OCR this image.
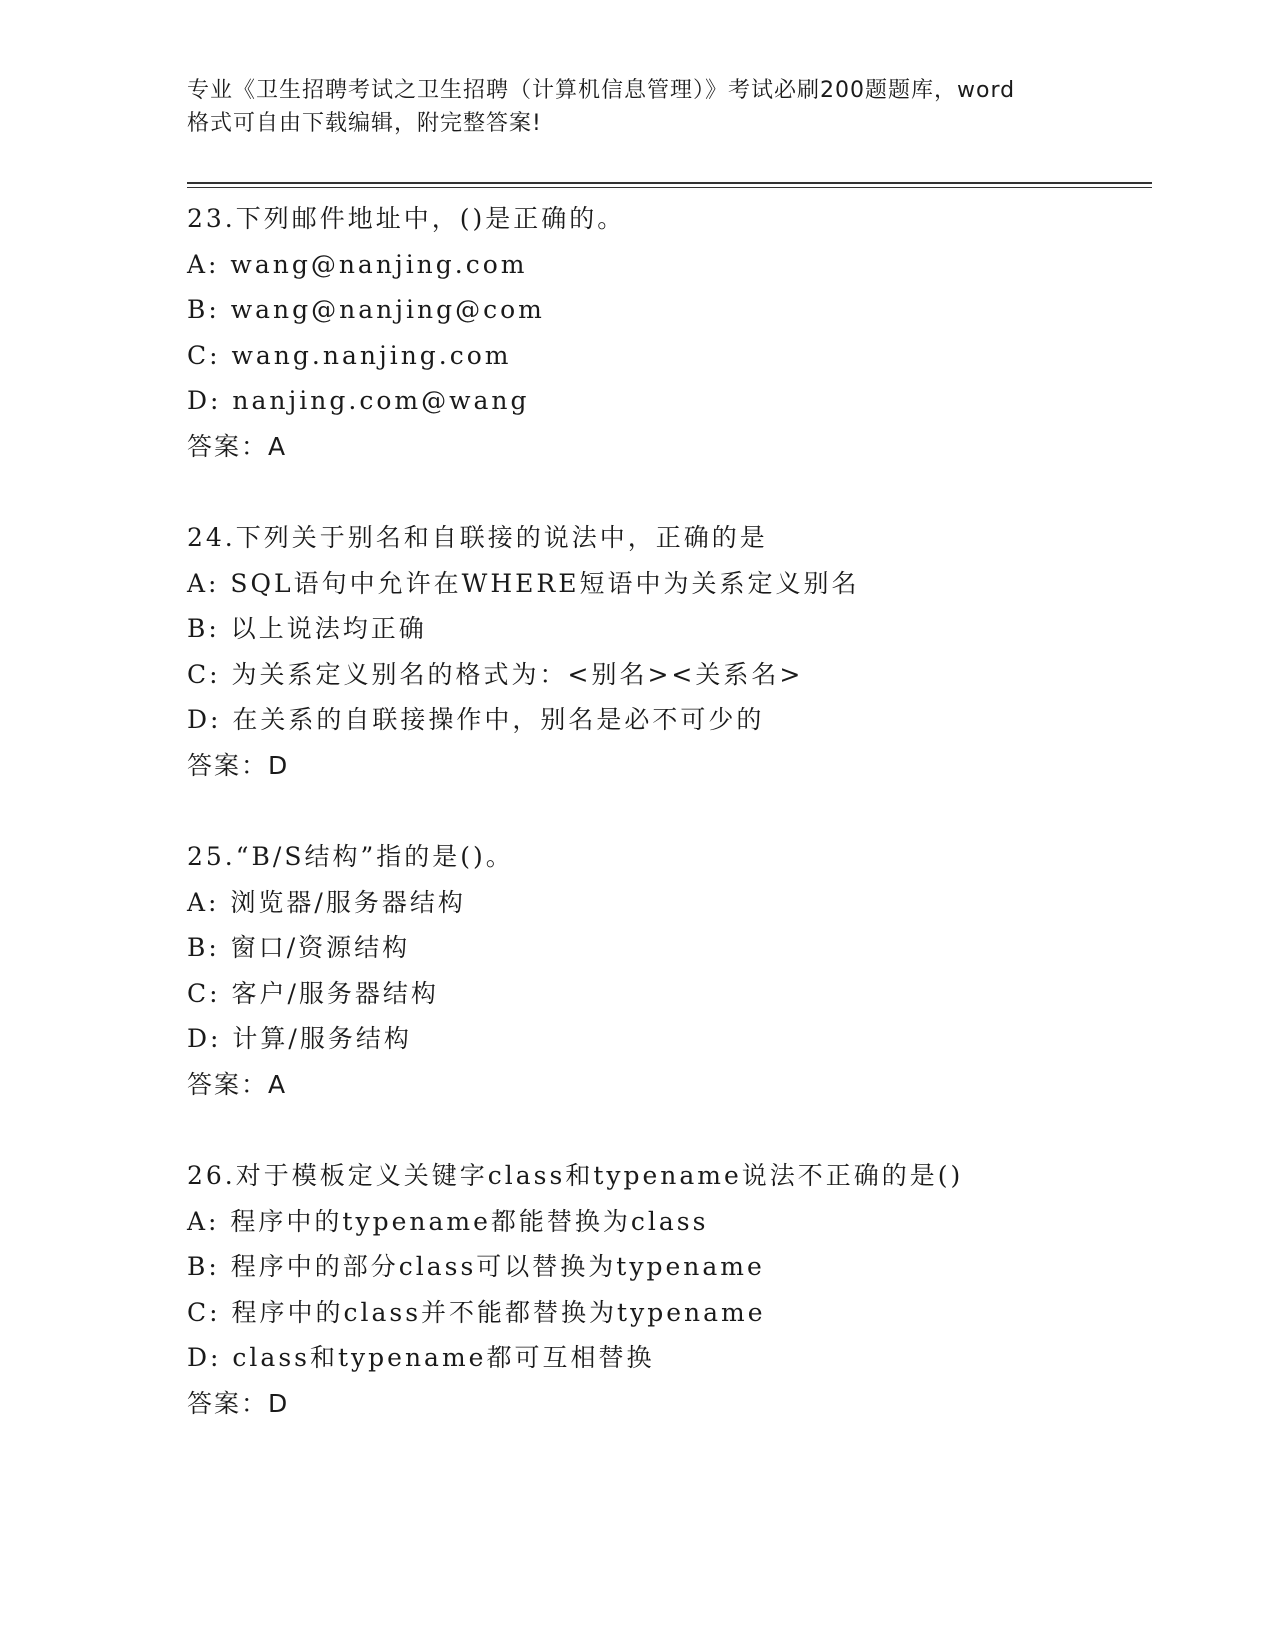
专业《卫生招聘考试之卫生招聘（计算机信息管理）》考试必刷200题题库，word
格式可自由下载编辑，附完整答案!
23.下列邮件地址中，()是正确的。
A: wang@nanjing.com
B: wang@nanjing@com
C: wang.nanjing.com
D: nanjing.com@wang
答案：A
24.下列关于别名和自联接的说法中，正确的是
A: SQL语句中允许在WHERE短语中为关系定义别名
B: 以上说法均正确
C: 为关系定义别名的格式为：<别名><关系名>
D: 在关系的自联接操作中，别名是必不可少的
答案：D
25.“B/S结构”指的是()。
A: 浏览器/服务器结构
B: 窗口/资源结构
C: 客户/服务器结构
D: 计算/服务结构
答案：A
26.对于模板定义关键字class和typename说法不正确的是()
A: 程序中的typename都能替换为class
B: 程序中的部分class可以替换为typename
C: 程序中的class并不能都替换为typename
D: class和typename都可互相替换
答案：D
